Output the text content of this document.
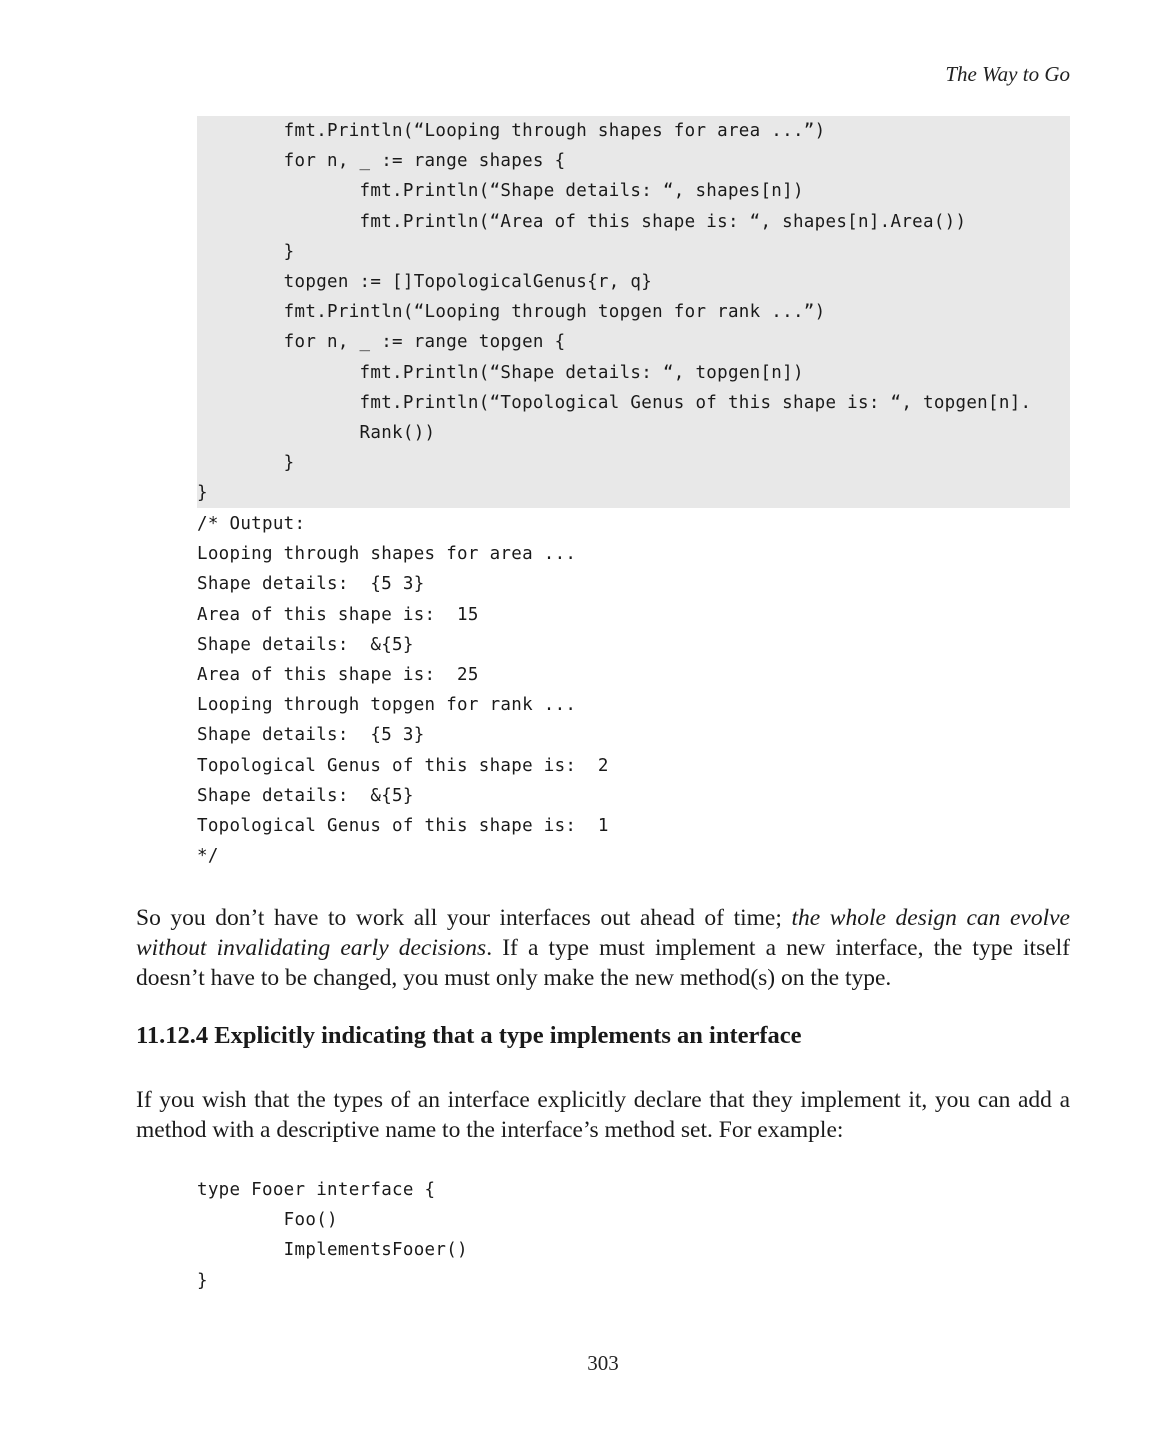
The Way to Go
fmt.Println(“Looping through shapes for area ...”)
for n, _ := range shapes {
fmt.Println(“Shape details: “, shapes[n])
fmt.Println(“Area of this shape is: “, shapes[n].Area())
}
topgen := []TopologicalGenus{r, q}
fmt.Println(“Looping through topgen for rank ...”)
for n, _ := range topgen {
fmt.Println(“Shape details: “, topgen[n])
fmt.Println(“Topological Genus of this shape is: “, topgen[n].
Rank())
}
}
/* Output:
Looping through shapes for area ...
Shape details:  {5 3}
Area of this shape is:  15
Shape details:  &{5}
Area of this shape is:  25
Looping through topgen for rank ...
Shape details:  {5 3}
Topological Genus of this shape is:  2
Shape details:  &{5}
Topological Genus of this shape is:  1
*/

So you don’t have to work all your interfaces out ahead of time; the whole design can evolve without invalidating early decisions. If a type must implement a new interface, the type itself doesn’t have to be changed, you must only make the new method(s) on the type.

11.12.4 Explicitly indicating that a type implements an interface

If you wish that the types of an interface explicitly declare that they implement it, you can add a method with a descriptive name to the interface’s method set. For example:

type Fooer interface {
Foo()
ImplementsFooer()
}
303
